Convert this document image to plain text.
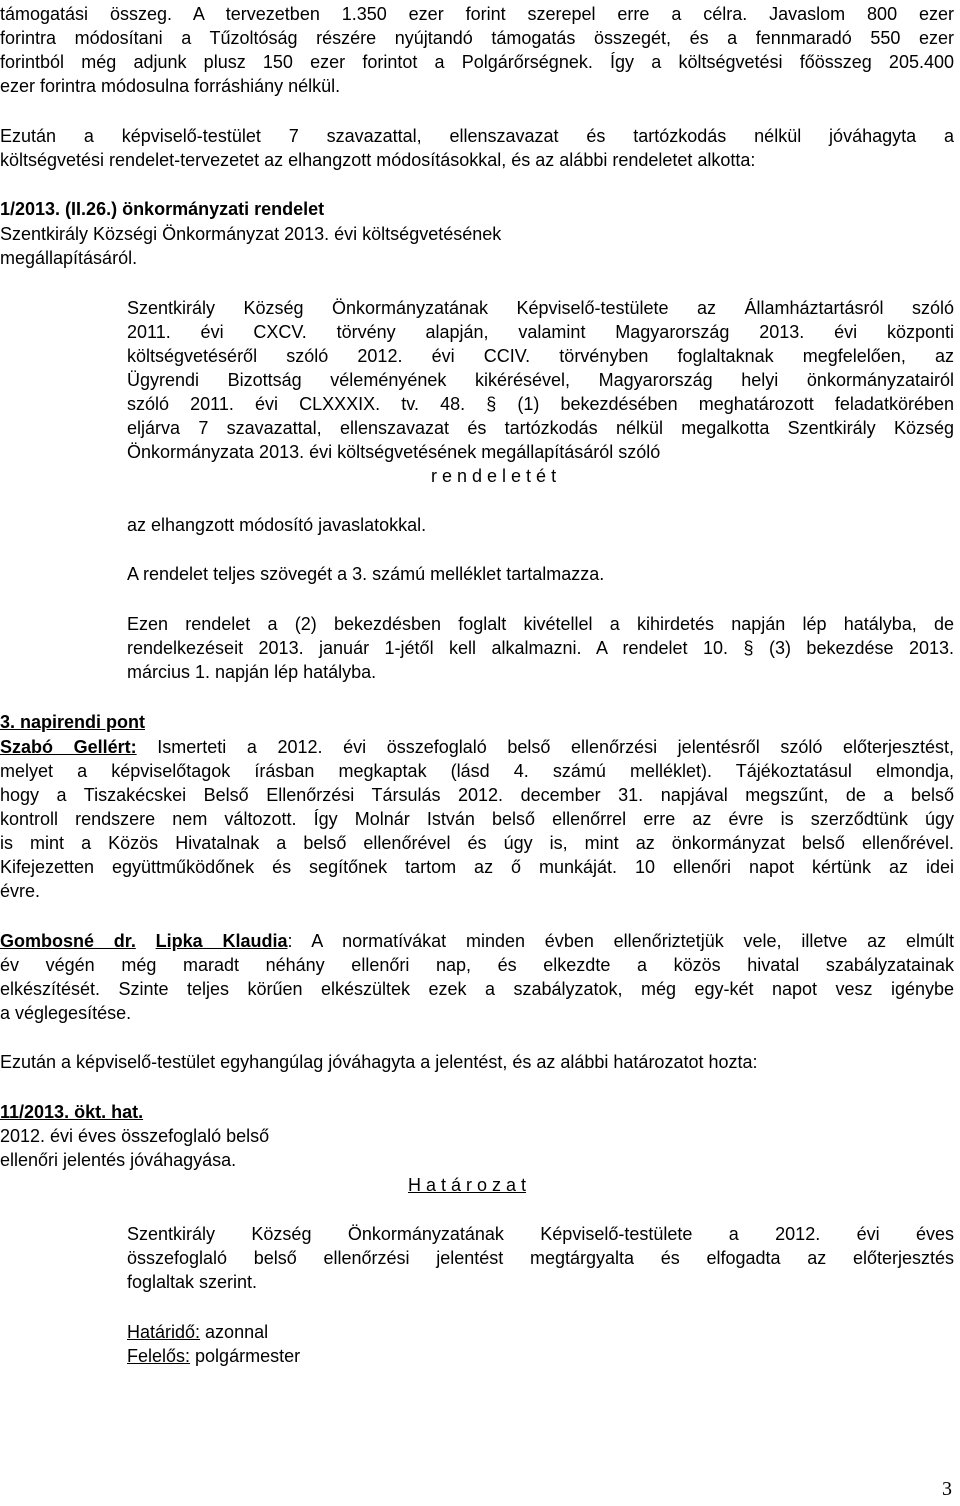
támogatási összeg. A tervezetben 1.350 ezer forint szerepel erre a célra. Javaslom 800 ezer
forintra módosítani a Tűzoltóság részére nyújtandó támogatás összegét, és a fennmaradó 550 ezer
forintból még adjunk plusz 150 ezer forintot a Polgárőrségnek. Így a költségvetési főösszeg 205.400
ezer forintra módosulna forráshiány nélkül.
Ezután a képviselő-testület 7 szavazattal, ellenszavazat és tartózkodás nélkül jóváhagyta a
költségvetési rendelet-tervezetet az elhangzott módosításokkal, és az alábbi rendeletet alkotta:
1/2013. (II.26.) önkormányzati rendelet
Szentkirály Községi Önkormányzat 2013. évi költségvetésének
megállapításáról.
Szentkirály Község Önkormányzatának Képviselő-testülete az Államháztartásról szóló
2011. évi CXCV. törvény alapján, valamint Magyarország 2013. évi központi
költségvetéséről szóló 2012. évi CCIV. törvényben foglaltaknak megfelelően, az
Ügyrendi Bizottság véleményének kikérésével, Magyarország helyi önkormányzatairól
szóló 2011. évi CLXXXIX. tv. 48. § (1) bekezdésében meghatározott feladatkörében
eljárva 7 szavazattal, ellenszavazat és tartózkodás nélkül megalkotta Szentkirály Község
Önkormányzata 2013. évi költségvetésének megállapításáról szóló
r e n d e l e t é t
az elhangzott módosító javaslatokkal.
A rendelet teljes szövegét a 3. számú melléklet tartalmazza.
Ezen rendelet a (2) bekezdésben foglalt kivétellel a kihirdetés napján lép hatályba, de
rendelkezéseit 2013. január 1-jétől kell alkalmazni. A rendelet 10. § (3) bekezdése 2013.
március 1. napján lép hatályba.
3. napirendi pont
Szabó Gellért: Ismerteti a 2012. évi összefoglaló belső ellenőrzési jelentésről szóló előterjesztést,
melyet a képviselőtagok írásban megkaptak (lásd 4. számú melléklet). Tájékoztatásul elmondja,
hogy a Tiszakécskei Belső Ellenőrzési Társulás 2012. december 31. napjával megszűnt, de a belső
kontroll rendszere nem változott. Így Molnár István belső ellenőrrel erre az évre is szerződtünk úgy
is mint a Közös Hivatalnak a belső ellenőrével és úgy is, mint az önkormányzat belső ellenőrével.
Kifejezetten együttműködőnek és segítőnek tartom az ő munkáját. 10 ellenőri napot kértünk az idei
évre.
Gombosné dr. Lipka Klaudia: A normatívákat minden évben ellenőriztetjük vele, illetve az elmúlt
év végén még maradt néhány ellenőri nap, és elkezdte a közös hivatal szabályzatainak
elkészítését. Szinte teljes körűen elkészültek ezek a szabályzatok, még egy-két napot vesz igénybe
a véglegesítése.
Ezután a képviselő-testület egyhangúlag jóváhagyta a jelentést, és az alábbi határozatot hozta:
11/2013. ökt. hat.
2012. évi éves összefoglaló belső
ellenőri jelentés jóváhagyása.
H a t á r o z a t
Szentkirály Község Önkormányzatának Képviselő-testülete a 2012. évi éves
összefoglaló belső ellenőrzési jelentést megtárgyalta és elfogadta az előterjesztés
foglaltak szerint.
Határidő: azonnal
Felelős: polgármester
3
